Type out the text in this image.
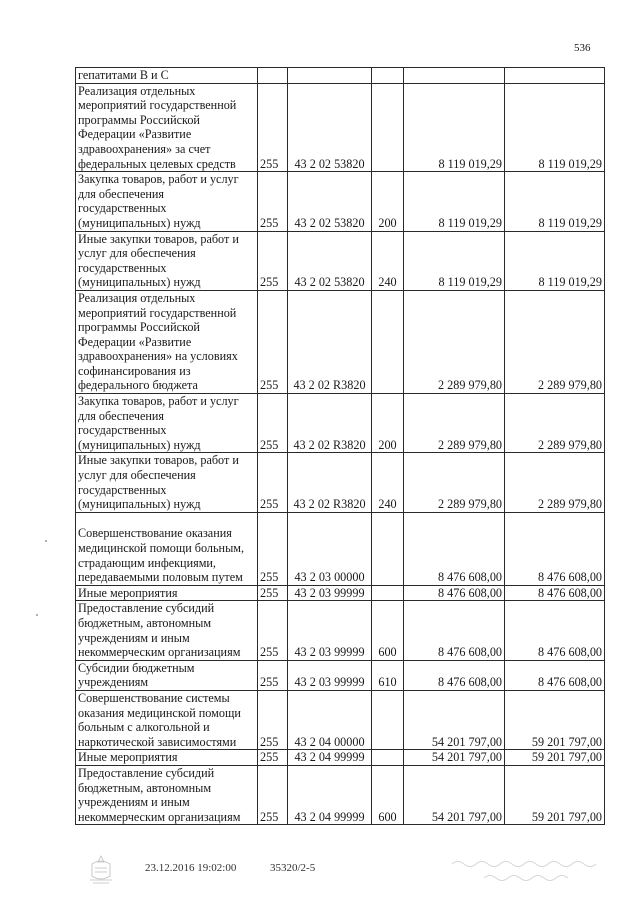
536
гепатитами В и С					
Реализация отдельных мероприятий государственной программы Российской Федерации «Развитие здравоохранения» за счет федеральных целевых средств	255	43 2 02 53820		8 119 019,29	8 119 019,29
Закупка товаров, работ и услуг для обеспечения государственных (муниципальных) нужд	255	43 2 02 53820	200	8 119 019,29	8 119 019,29
Иные закупки товаров, работ и услуг для обеспечения государственных (муниципальных) нужд	255	43 2 02 53820	240	8 119 019,29	8 119 019,29
Реализация отдельных мероприятий государственной программы Российской Федерации «Развитие здравоохранения» на условиях софинансирования из федерального бюджета	255	43 2 02 R3820		2 289 979,80	2 289 979,80
Закупка товаров, работ и услуг для обеспечения государственных (муниципальных) нужд	255	43 2 02 R3820	200	2 289 979,80	2 289 979,80
Иные закупки товаров, работ и услуг для обеспечения государственных (муниципальных) нужд	255	43 2 02 R3820	240	2 289 979,80	2 289 979,80
Совершенствование оказания медицинской помощи больным, страдающим инфекциями, передаваемыми половым путем	255	43 2 03 00000		8 476 608,00	8 476 608,00
Иные мероприятия	255	43 2 03 99999		8 476 608,00	8 476 608,00
Предоставление субсидий бюджетным, автономным учреждениям и иным некоммерческим организациям	255	43 2 03 99999	600	8 476 608,00	8 476 608,00
Субсидии бюджетным учреждениям	255	43 2 03 99999	610	8 476 608,00	8 476 608,00
Совершенствование системы оказания медицинской помощи больным с алкогольной и наркотической зависимостями	255	43 2 04 00000		54 201 797,00	59 201 797,00
Иные мероприятия	255	43 2 04 99999		54 201 797,00	59 201 797,00
Предоставление субсидий бюджетным, автономным учреждениям и иным некоммерческим организациям	255	43 2 04 99999	600	54 201 797,00	59 201 797,00
23.12.2016 19:02:00	35320/2-5
